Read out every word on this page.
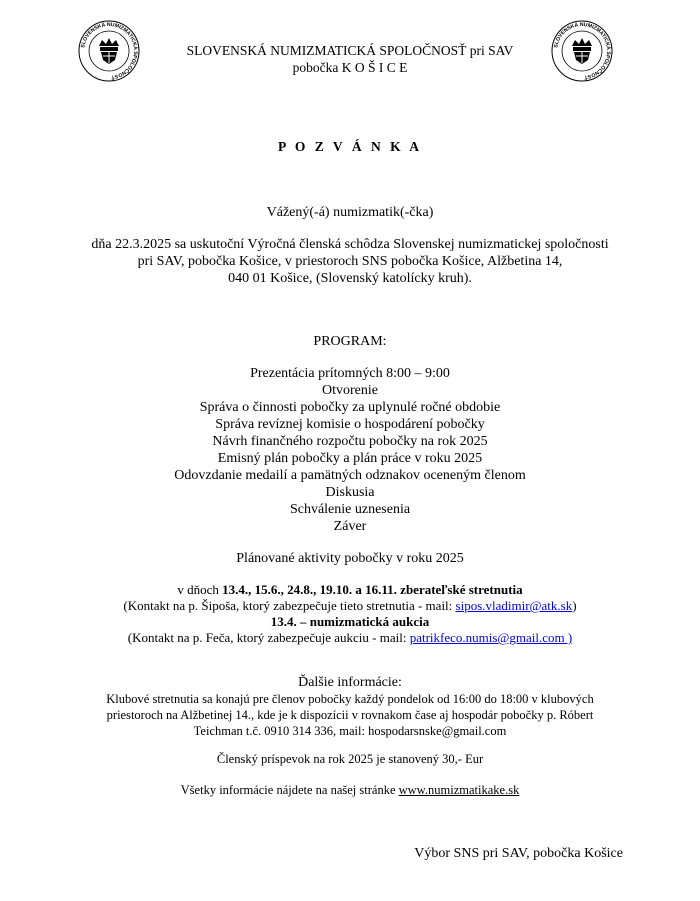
SLOVENSKÁ NUMIZMATICKÁ SPOLOČNOSŤ
SLOVENSKÁ NUMIZMATICKÁ SPOLOČNOSŤ
SLOVENSKÁ NUMIZMATICKÁ SPOLOČNOSŤ pri SAV
pobočka K O Š I C E
P O Z V Á N K A
Vážený(-á) numizmatik(-čka)
dňa 22.3.2025 sa uskutoční Výročná členská schôdza Slovenskej numizmatickej spoločnosti
pri SAV, pobočka Košice, v priestoroch SNS pobočka Košice, Alžbetina 14,
040 01 Košice, (Slovenský katolícky kruh).
PROGRAM:
Prezentácia prítomných 8:00 – 9:00
Otvorenie
Správa o činnosti pobočky za uplynulé ročné obdobie
Správa revíznej komisie o hospodárení pobočky
Návrh finančného rozpočtu pobočky na rok 2025
Emisný plán pobočky a plán práce v roku 2025
Odovzdanie medailí a pamätných odznakov oceneným členom
Diskusia
Schválenie uznesenia
Záver
Plánované aktivity pobočky v roku 2025
v dňoch 13.4., 15.6., 24.8., 19.10. a 16.11. zberateľské stretnutia
(Kontakt na p. Šipoša, ktorý zabezpečuje tieto stretnutia - mail: sipos.vladimir@atk.sk)
13.4. – numizmatická aukcia
(Kontakt na p. Feča, ktorý zabezpečuje aukciu - mail: patrikfeco.numis@gmail.com )
Ďalšie informácie:
Klubové stretnutia sa konajú pre členov pobočky každý pondelok od 16:00 do 18:00 v klubových
priestoroch na Alžbetinej 14., kde je k dispozícii v rovnakom čase aj hospodár pobočky p. Róbert
Teichman t.č. 0910 314 336, mail: hospodarsnske@gmail.com
Členský príspevok na rok 2025 je stanovený 30,- Eur
Všetky informácie nájdete na našej stránke www.numizmatikake.sk
Výbor SNS pri SAV, pobočka Košice
